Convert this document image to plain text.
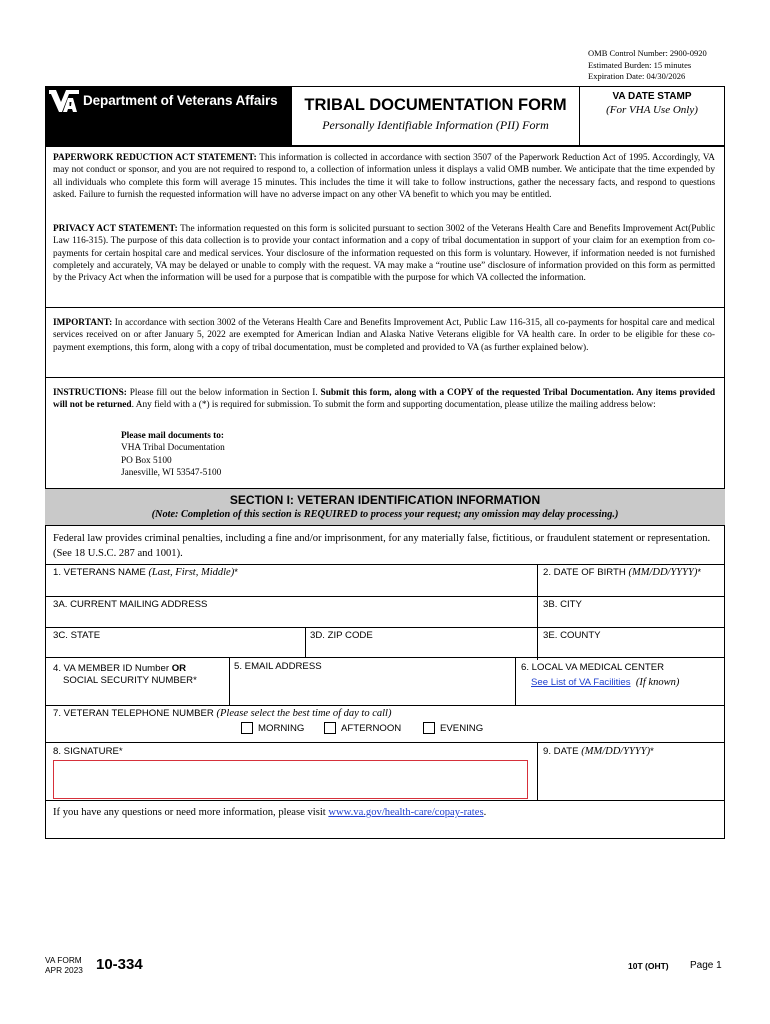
OMB Control Number: 2900-0920
Estimated Burden: 15 minutes
Expiration Date: 04/30/2026
Department of Veterans Affairs	TRIBAL DOCUMENTATION FORM
Personally Identifiable Information (PII) Form
VA DATE STAMP
(For VHA Use Only)
PAPERWORK REDUCTION ACT STATEMENT: This information is collected in accordance with section 3507 of the Paperwork Reduction Act of 1995. Accordingly, VA may not conduct or sponsor, and you are not required to respond to, a collection of information unless it displays a valid OMB number. We anticipate that the time expended by all individuals who complete this form will average 15 minutes. This includes the time it will take to follow instructions, gather the necessary facts, and respond to questions asked. Failure to furnish the requested information will have no adverse impact on any other VA benefit to which you may be entitled.
PRIVACY ACT STATEMENT: The information requested on this form is solicited pursuant to section 3002 of the Veterans Health Care and Benefits Improvement Act(Public Law 116-315). The purpose of this data collection is to provide your contact information and a copy of tribal documentation in support of your claim for an exemption from co-payments for certain hospital care and medical services. Your disclosure of the information requested on this form is voluntary. However, if information needed is not furnished completely and accurately, VA may be delayed or unable to comply with the request. VA may make a “routine use” disclosure of information provided on this form as permitted by the Privacy Act when the information will be used for a purpose that is compatible with the purpose for which VA collected the information.
IMPORTANT: In accordance with section 3002 of the Veterans Health Care and Benefits Improvement Act, Public Law 116-315, all co-payments for hospital care and medical services received on or after January 5, 2022 are exempted for American Indian and Alaska Native Veterans eligible for VA health care. In order to be eligible for these co-payment exemptions, this form, along with a copy of tribal documentation, must be completed and provided to VA (as further explained below).
INSTRUCTIONS: Please fill out the below information in Section I. Submit this form, along with a COPY of the requested Tribal Documentation. Any items provided will not be returned. Any field with a (*) is required for submission. To submit the form and supporting documentation, please utilize the mailing address below:
Please mail documents to:
VHA Tribal Documentation
PO Box 5100
Janesville, WI 53547-5100
SECTION I: VETERAN IDENTIFICATION INFORMATION
(Note: Completion of this section is REQUIRED to process your request; any omission may delay processing.)
Federal law provides criminal penalties, including a fine and/or imprisonment, for any materially false, fictitious, or fraudulent statement or representation. (See 18 U.S.C. 287 and 1001).
1. VETERANS NAME (Last, First, Middle)*	2. DATE OF BIRTH (MM/DD/YYYY)*
3A. CURRENT MAILING ADDRESS	3B. CITY
3C. STATE	3D. ZIP CODE	3E. COUNTY
4. VA MEMBER ID Number OR
SOCIAL SECURITY NUMBER*
5. EMAIL ADDRESS	6. LOCAL VA MEDICAL CENTER
See List of VA Facilities (If known)
7. VETERAN TELEPHONE NUMBER (Please select the best time of day to call)
MORNING	AFTERNOON	EVENING
8. SIGNATURE*	9. DATE (MM/DD/YYYY)*
If you have any questions or need more information, please visit www.va.gov/health-care/copay-rates.
VA FORM
APR 2023 10-334	10T (OHT) Page 1
